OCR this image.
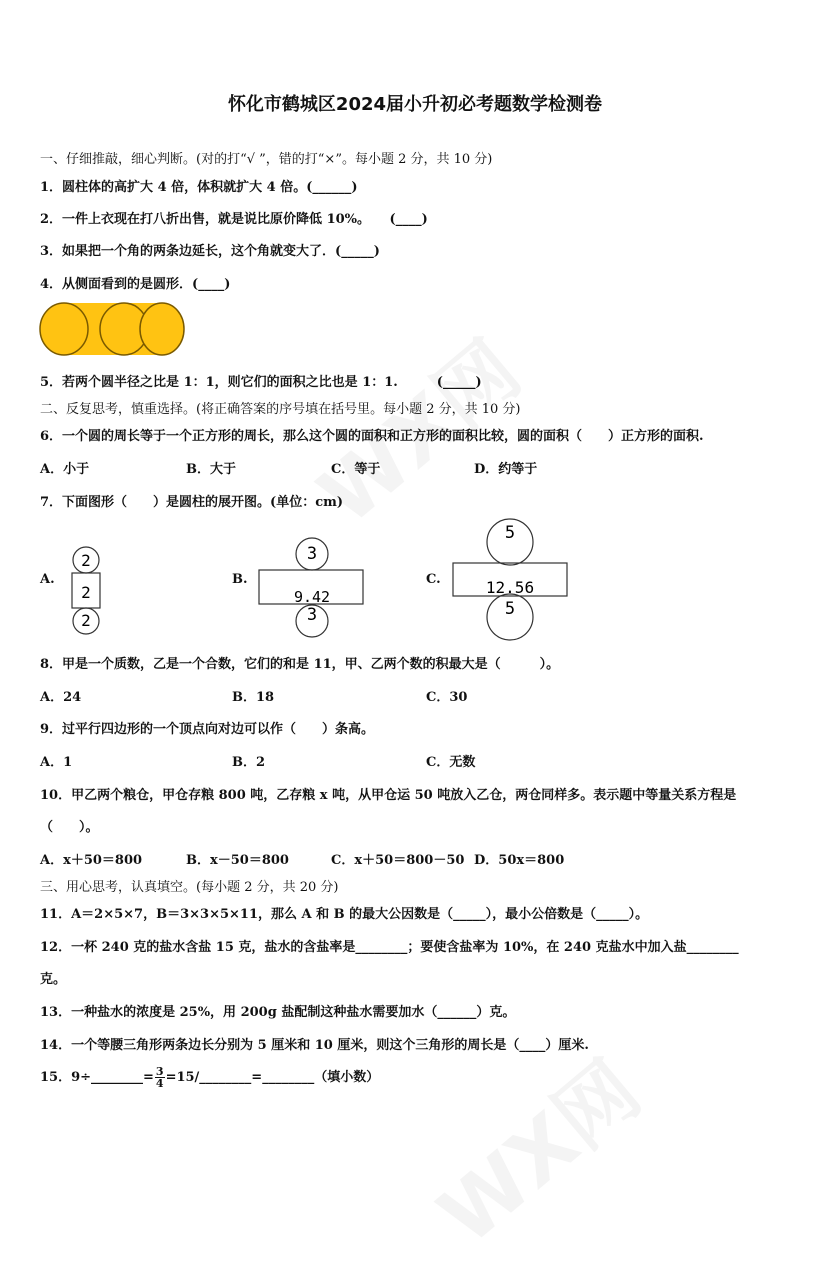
怀化市鹤城区2024届小升初必考题数学检测卷
一、仔细推敲，细心判断。(对的打“√ ”，错的打“×”。每小题 2 分，共 10 分)
1．圆柱体的高扩大 4 倍，体积就扩大 4 倍。(______)
2．一件上衣现在打八折出售，就是说比原价降低 10%。　　(____)
3．如果把一个角的两条边延长，这个角就变大了．(_____)
4．从侧面看到的是圆形．(____)
5．若两个圆半径之比是 1：1，则它们的面积之比也是 1：1.　　　(_____)
二、反复思考，慎重选择。(将正确答案的序号填在括号里。每小题 2 分，共 10 分)
6．一个圆的周长等于一个正方形的周长，那么这个圆的面积和正方形的面积比较，圆的面积（　　）正方形的面积.
A．小于	B．大于	C．等于	D．约等于
7．下面图形（　　）是圆柱的展开图。(单位：cm)
A.
2
2
2
B.
3
9.42
3
C.
5
12.56
5
8．甲是一个质数，乙是一个合数，它们的和是 11，甲、乙两个数的积最大是（　　　）。
A．24	B．18	C．30
9．过平行四边形的一个顶点向对边可以作（　　）条高。
A．1	B．2	C．无数
10．甲乙两个粮仓，甲仓存粮 800 吨，乙存粮 x 吨，从甲仓运 50 吨放入乙仓，两仓同样多。表示题中等量关系方程是
（　　）。
A．x＋50＝800	B．x－50＝800	C．x＋50＝800－50 D．50x＝800
三、用心思考，认真填空。(每小题 2 分，共 20 分)
11．A＝2×5×7，B＝3×3×5×11，那么 A 和 B 的最大公因数是（_____），最小公倍数是（_____）。
12．一杯 240 克的盐水含盐 15 克，盐水的含盐率是________；要使含盐率为 10%，在 240 克盐水中加入盐________
克。
13．一种盐水的浓度是 25%，用 200g 盐配制这种盐水需要加水（______）克。
14．一个等腰三角形两条边长分别为 5 厘米和 10 厘米，则这个三角形的周长是（____）厘米.
15．9÷________= $\frac{3}{4}$ =15/________=________（填小数）
